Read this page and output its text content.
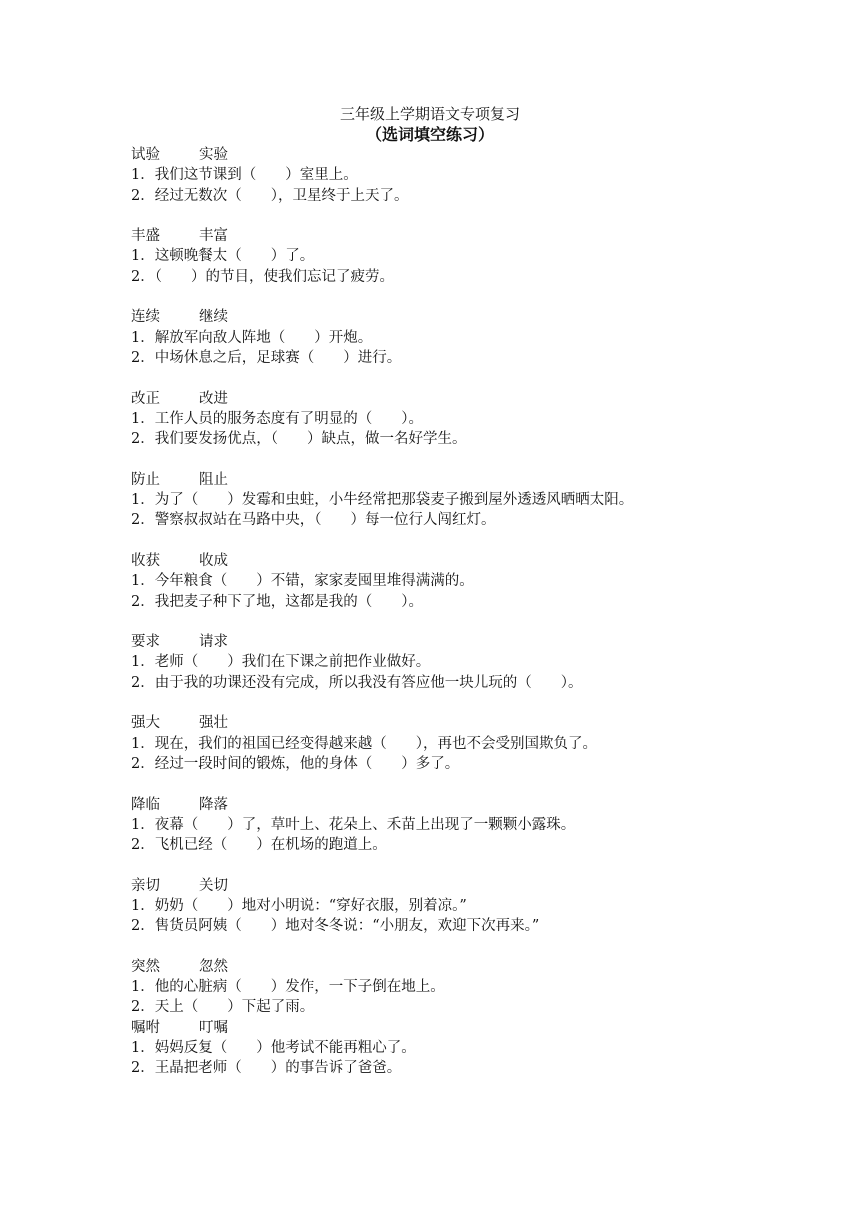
三年级上学期语文专项复习
（选词填空练习）
试验	实验
1．我们这节课到（　　）室里上。
2．经过无数次（　　），卫星终于上天了。
丰盛	丰富
1．这顿晚餐太（　　）了。
2．（　　）的节目，使我们忘记了疲劳。
连续	继续
1．解放军向敌人阵地（　　）开炮。
2．中场休息之后，足球赛（　　）进行。
改正	改进
1．工作人员的服务态度有了明显的（　　）。
2．我们要发扬优点，（　　）缺点，做一名好学生。
防止	阻止
1．为了（　　）发霉和虫蛀，小牛经常把那袋麦子搬到屋外透透风晒晒太阳。
2．警察叔叔站在马路中央，（　　）每一位行人闯红灯。
收获	收成
1．今年粮食（　　）不错，家家麦囤里堆得满满的。
2．我把麦子种下了地，这都是我的（　　）。
要求	请求
1．老师（　　）我们在下课之前把作业做好。
2．由于我的功课还没有完成，所以我没有答应他一块儿玩的（　　）。
强大	强壮
1．现在，我们的祖国已经变得越来越（　　），再也不会受别国欺负了。
2．经过一段时间的锻炼，他的身体（　　）多了。
降临	降落
1．夜幕（　　）了，草叶上、花朵上、禾苗上出现了一颗颗小露珠。
2．飞机已经（　　）在机场的跑道上。
亲切	关切
1．奶奶（　　）地对小明说：“穿好衣服，别着凉。”
2．售货员阿姨（　　）地对冬冬说：“小朋友，欢迎下次再来。”
突然	忽然
1．他的心脏病（　　）发作，一下子倒在地上。
2．天上（　　）下起了雨。
嘱咐	叮嘱
1．妈妈反复（　　）他考试不能再粗心了。
2．王晶把老师（　　）的事告诉了爸爸。
